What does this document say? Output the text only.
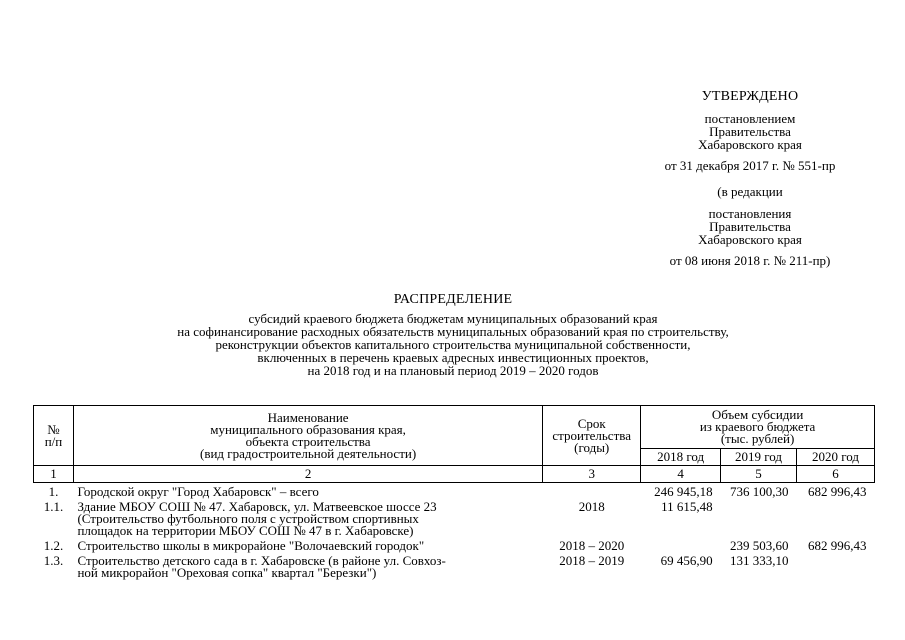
УТВЕРЖДЕНО
постановлением
Правительства
Хабаровского края
от 31 декабря 2017 г. № 551-пр
(в редакции
постановления
Правительства
Хабаровского края
от 08 июня 2018 г. № 211-пр)
РАСПРЕДЕЛЕНИЕ
субсидий краевого бюджета бюджетам муниципальных образований края
на софинансирование расходных обязательств муниципальных образований края по строительству,
реконструкции объектов капитального строительства муниципальной собственности,
включенных в перечень краевых адресных инвестиционных проектов,
на 2018 год и на плановый период 2019 – 2020 годов
№
п/п	Наименование
муниципального образования края,
объекта строительства
(вид градостроительной деятельности)	Срок
строительства
(годы)	Объем субсидии
из краевого бюджета
(тыс. рублей)		

			2018 год	2019 год	2020 год
1	2	3	4	5	6
1.	Городской округ "Город Хабаровск" – всего		246 945,18	736 100,30	682 996,43
1.1.	Здание МБОУ СОШ № 47. Хабаровск, ул. Матвеевское шоссе 23
(Строительство футбольного поля с устройством спортивных
площадок на территории МБОУ СОШ № 47 в г. Хабаровске)	2018	11 615,48		
1.2.	Строительство школы в микрорайоне "Волочаевский городок"	2018 – 2020		239 503,60	682 996,43
1.3.	Строительство детского сада в г. Хабаровске (в районе ул. Совхоз-
ной микрорайон "Ореховая сопка" квартал "Березки")	2018 – 2019	69 456,90	131 333,10	
